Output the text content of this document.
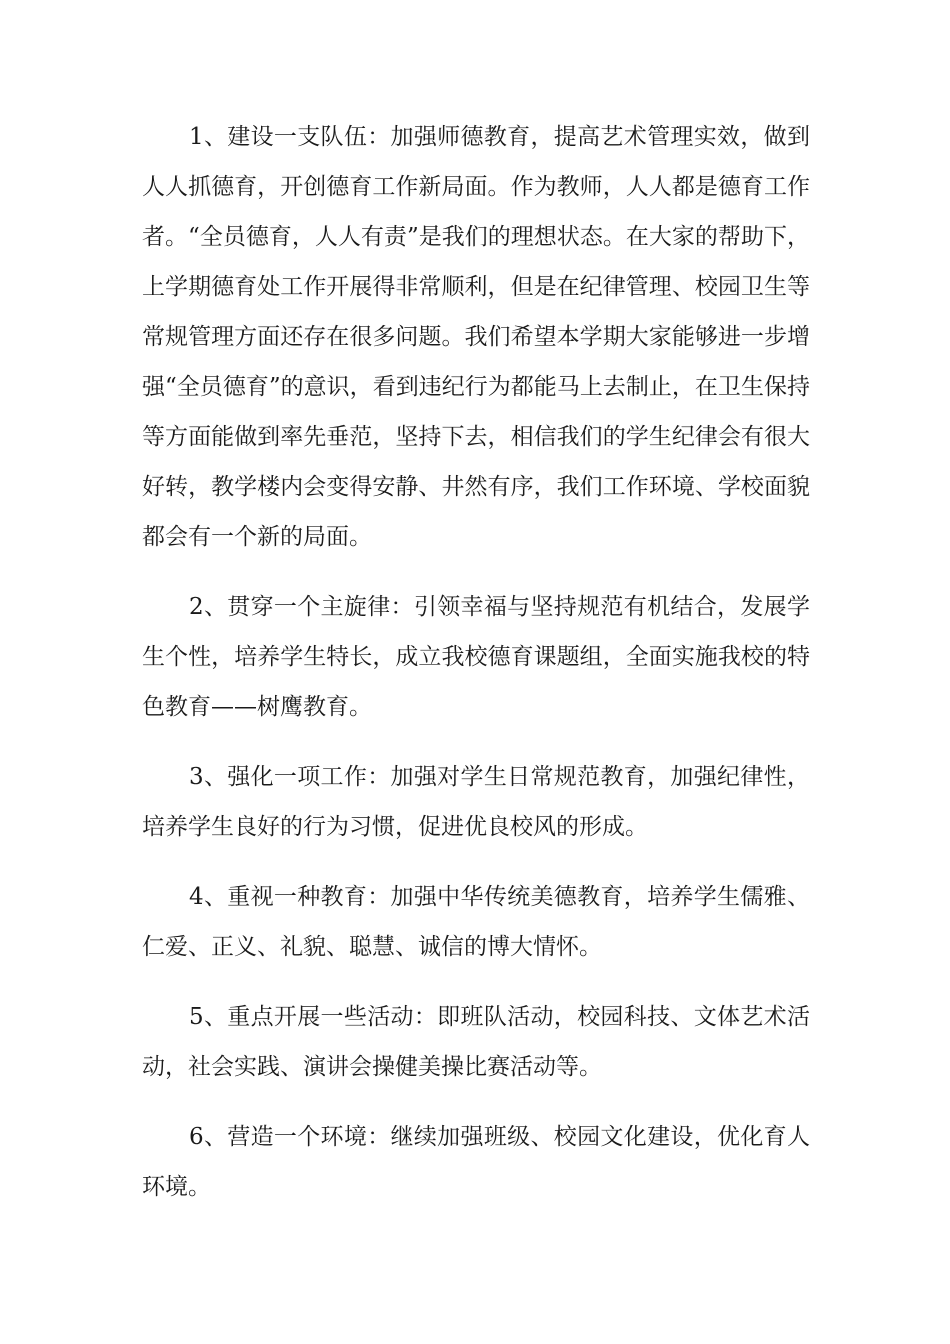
1、建设一支队伍：加强师德教育，提高艺术管理实效，做到人人抓德育，开创德育工作新局面。作为教师，人人都是德育工作者。“全员德育，人人有责”是我们的理想状态。在大家的帮助下，上学期德育处工作开展得非常顺利，但是在纪律管理、校园卫生等常规管理方面还存在很多问题。我们希望本学期大家能够进一步增强“全员德育”的意识，看到违纪行为都能马上去制止，在卫生保持等方面能做到率先垂范，坚持下去，相信我们的学生纪律会有很大好转，教学楼内会变得安静、井然有序，我们工作环境、学校面貌都会有一个新的局面。

2、贯穿一个主旋律：引领幸福与坚持规范有机结合，发展学生个性，培养学生特长，成立我校德育课题组，全面实施我校的特色教育——树鹰教育。

3、强化一项工作：加强对学生日常规范教育，加强纪律性，培养学生良好的行为习惯，促进优良校风的形成。

4、重视一种教育：加强中华传统美德教育，培养学生儒雅、仁爱、正义、礼貌、聪慧、诚信的博大情怀。

5、重点开展一些活动：即班队活动，校园科技、文体艺术活动，社会实践、演讲会操健美操比赛活动等。

6、营造一个环境：继续加强班级、校园文化建设，优化育人环境。
